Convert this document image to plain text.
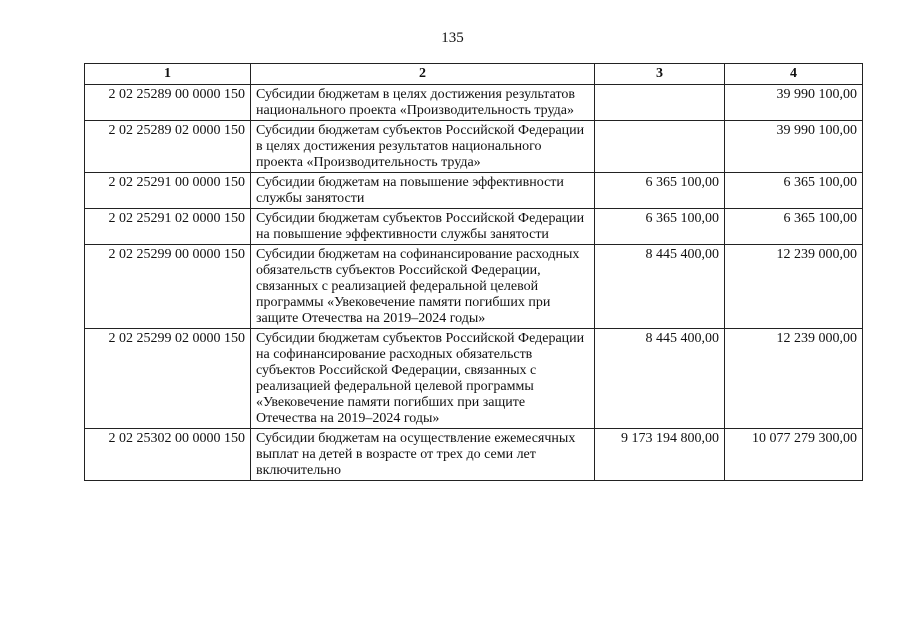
135
1	2	3	4
2 02 25289 00 0000 150	Субсидии бюджетам в целях достижения результатов национального проекта «Производительность труда»		39 990 100,00
2 02 25289 02 0000 150	Субсидии бюджетам субъектов Российской Федерации в целях достижения результатов национального проекта «Производительность труда»		39 990 100,00
2 02 25291 00 0000 150	Субсидии бюджетам на повышение эффективности службы занятости	6 365 100,00	6 365 100,00
2 02 25291 02 0000 150	Субсидии бюджетам субъектов Российской Федерации на повышение эффективности службы занятости	6 365 100,00	6 365 100,00
2 02 25299 00 0000 150	Субсидии бюджетам на софинансирование расходных обязательств субъектов Российской Федерации, связанных с реализацией федеральной целевой программы «Увековечение памяти погибших при защите Отечества на 2019–2024 годы»	8 445 400,00	12 239 000,00
2 02 25299 02 0000 150	Субсидии бюджетам субъектов Российской Федерации на софинансирование расходных обязательств субъектов Российской Федерации, связанных с реализацией федеральной целевой программы «Увековечение памяти погибших при защите Отечества на 2019–2024 годы»	8 445 400,00	12 239 000,00
2 02 25302 00 0000 150	Субсидии бюджетам на осуществление ежемесячных выплат на детей в возрасте от трех до семи лет включительно	9 173 194 800,00	10 077 279 300,00
